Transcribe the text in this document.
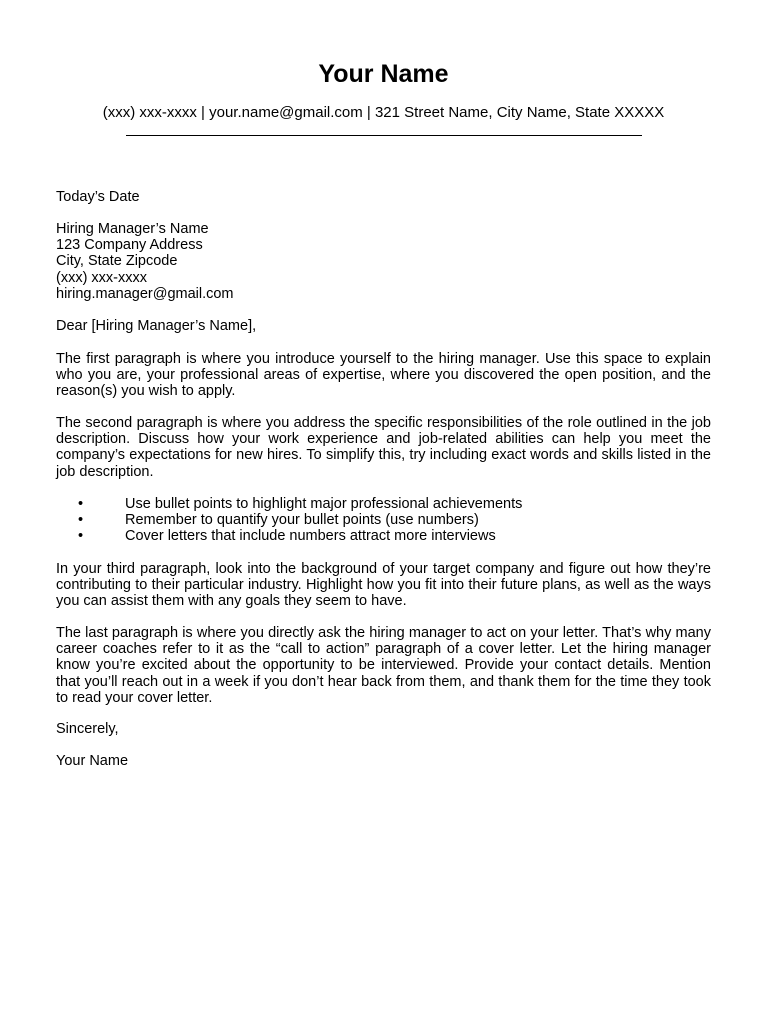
Your Name
(xxx) xxx-xxxx | your.name@gmail.com | 321 Street Name, City Name, State XXXXX
Today’s Date
Hiring Manager’s Name
123 Company Address
City, State Zipcode
(xxx) xxx-xxxx
hiring.manager@gmail.com
Dear [Hiring Manager’s Name],
The first paragraph is where you introduce yourself to the hiring manager. Use this space to explain who you are, your professional areas of expertise, where you discovered the open position, and the reason(s) you wish to apply.
The second paragraph is where you address the specific responsibilities of the role outlined in the job description. Discuss how your work experience and job-related abilities can help you meet the company’s expectations for new hires. To simplify this, try including exact words and skills listed in the job description.
•	Use bullet points to highlight major professional achievements
•	Remember to quantify your bullet points (use numbers)
•	Cover letters that include numbers attract more interviews
In your third paragraph, look into the background of your target company and figure out how they’re contributing to their particular industry. Highlight how you fit into their future plans, as well as the ways you can assist them with any goals they seem to have.
The last paragraph is where you directly ask the hiring manager to act on your letter. That’s why many career coaches refer to it as the “call to action” paragraph of a cover letter. Let the hiring manager know you’re excited about the opportunity to be interviewed. Provide your contact details. Mention that you’ll reach out in a week if you don’t hear back from them, and thank them for the time they took to read your cover letter.
Sincerely,
Your Name
